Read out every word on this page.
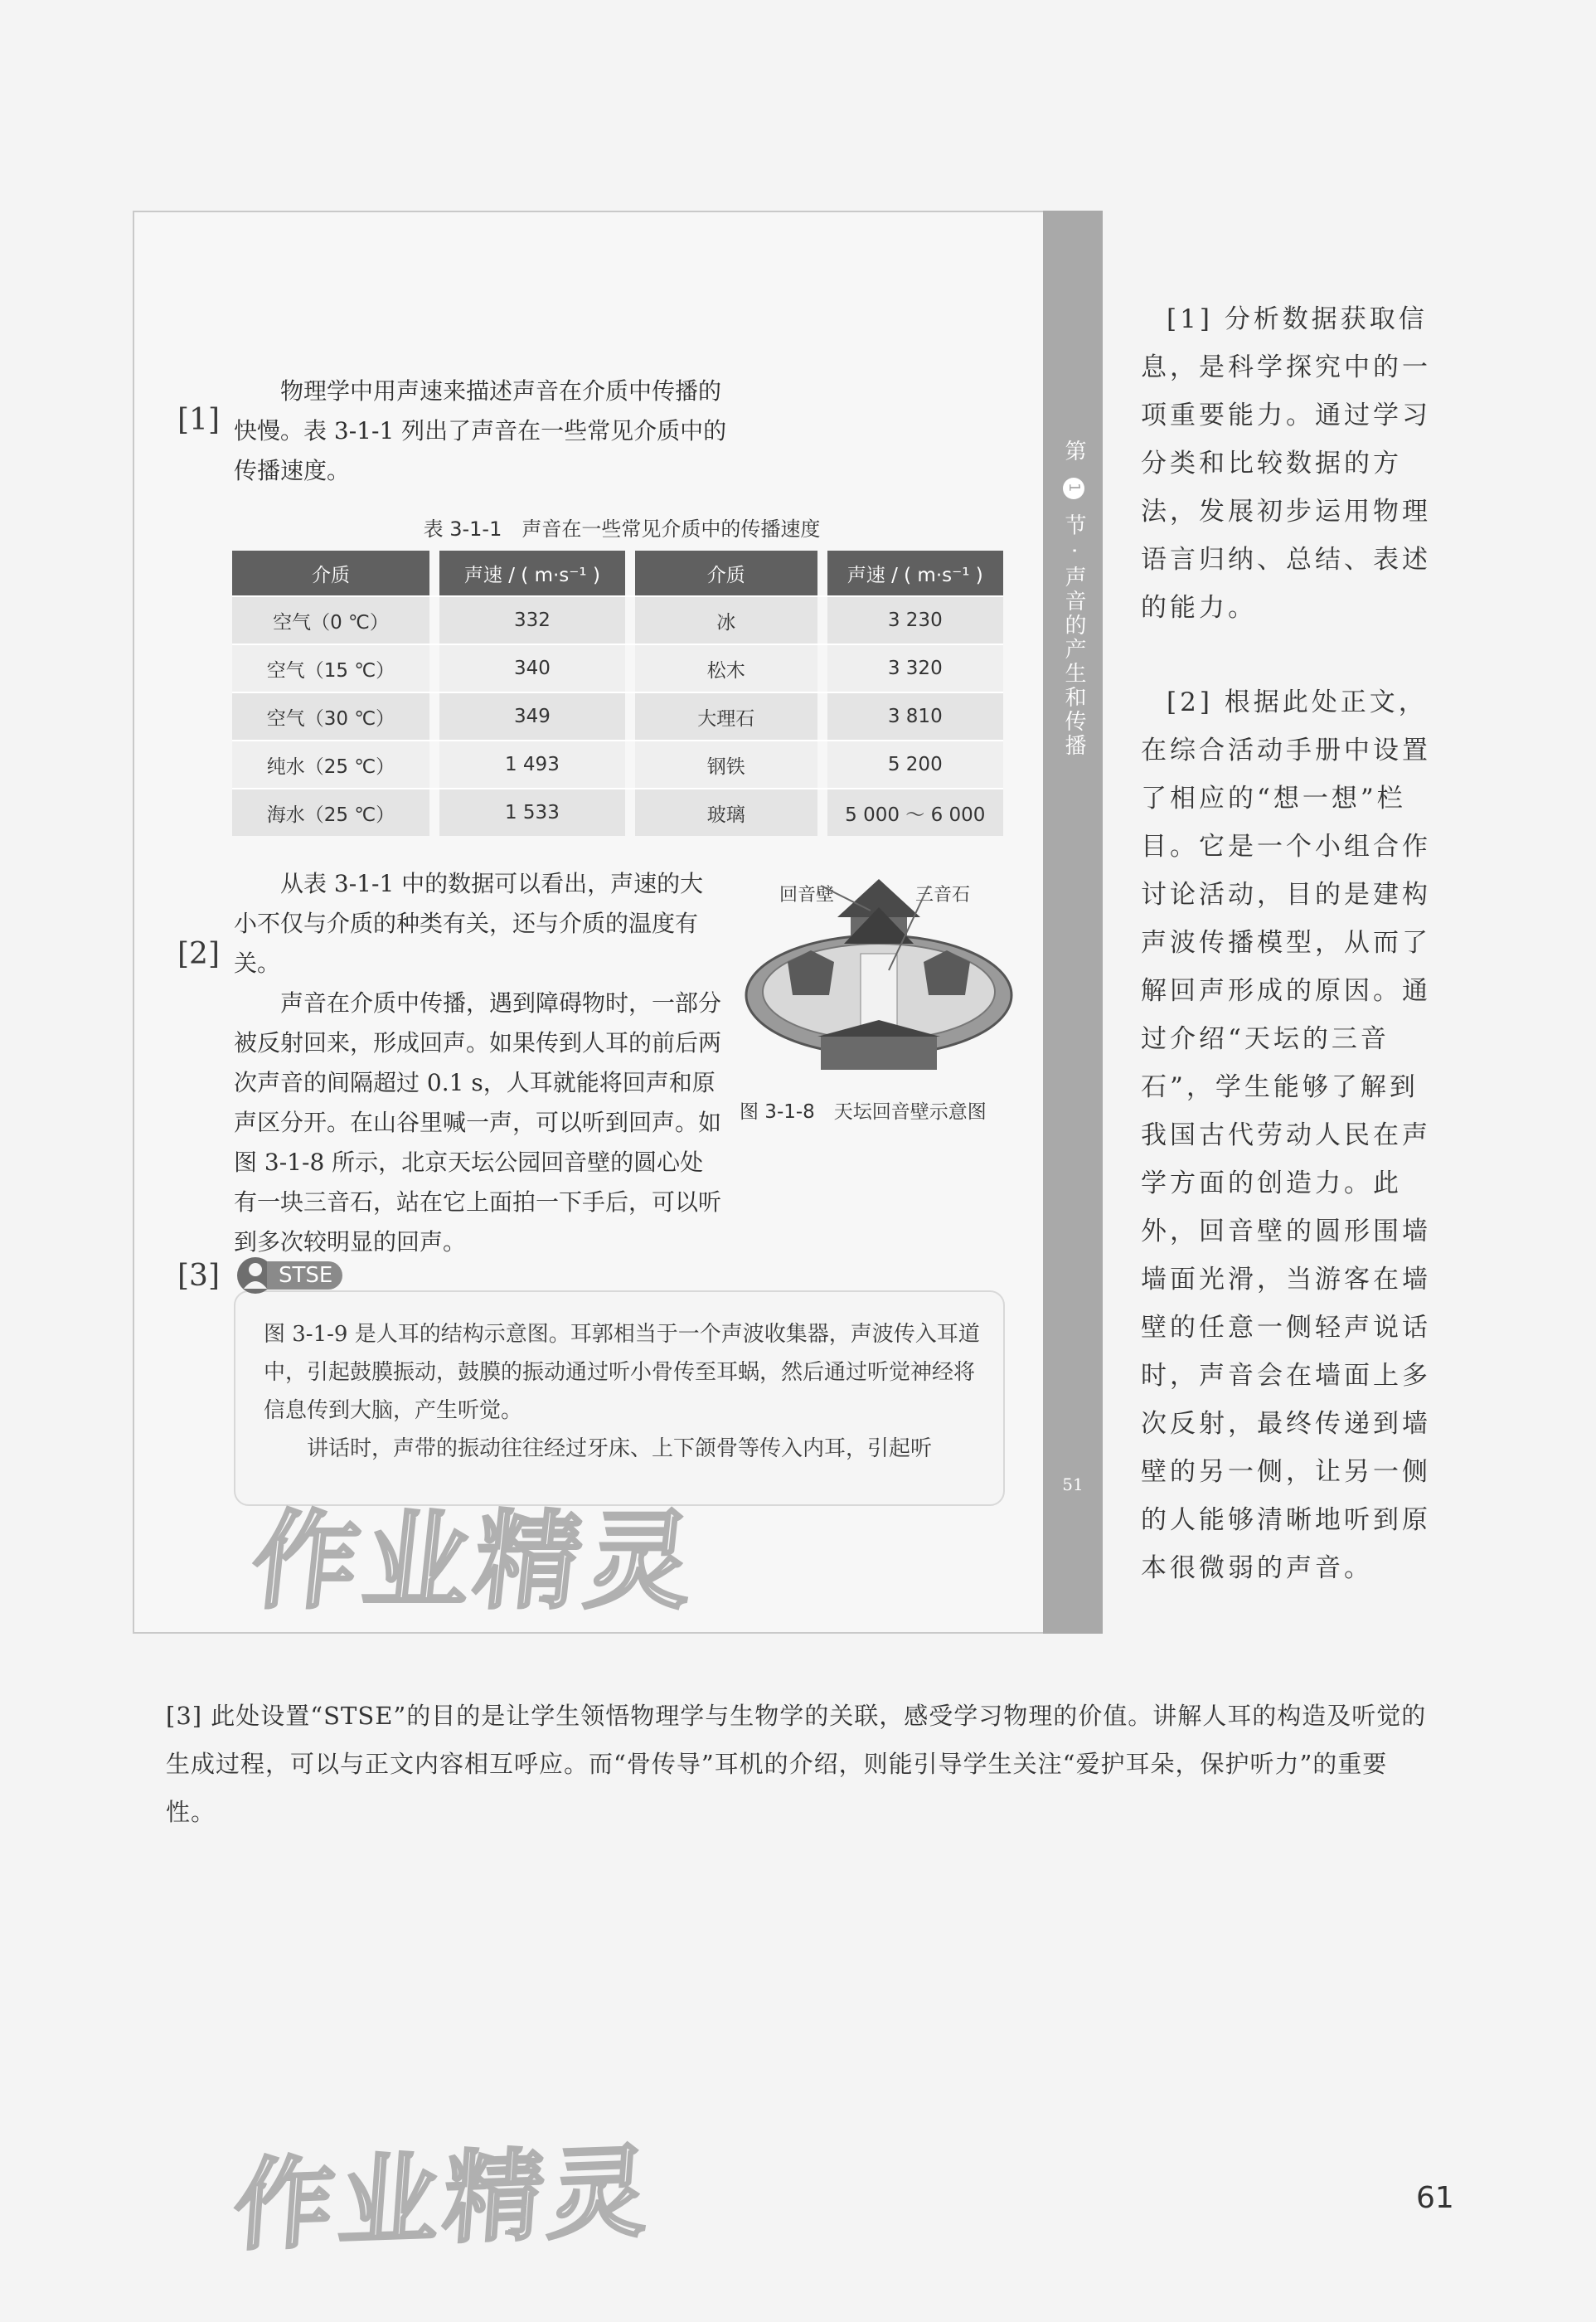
第 1 节 · 声音的产生和传播
51
[1]

物理学中用声速来描述声音在介质中传播的快慢。表 3-1-1 列出了声音在一些常见介质中的传播速度。

表 3-1-1　声音在一些常见介质中的传播速度
介质		声速 / ( m·s⁻¹ )		介质		声速 / ( m·s⁻¹ )
空气（0 ℃）		332		冰		3 230
空气（15 ℃）		340		松木		3 320
空气（30 ℃）		349		大理石		3 810
纯水（25 ℃）		1 493		钢铁		5 200
海水（25 ℃）		1 533		玻璃		5 000 ～ 6 000
[2]

从表 3-1-1 中的数据可以看出，声速的大小不仅与介质的种类有关，还与介质的温度有关。

声音在介质中传播，遇到障碍物时，一部分被反射回来，形成回声。如果传到人耳的前后两次声音的间隔超过 0.1 s，人耳就能将回声和原声区分开。在山谷里喊一声，可以听到回声。如图 3-1-8 所示，北京天坛公园回音壁的圆心处有一块三音石，站在它上面拍一下手后，可以听到多次较明显的回声。

回音壁	三音石
图 3-1-8　天坛回音壁示意图
[3]	STSE

图 3-1-9 是人耳的结构示意图。耳郭相当于一个声波收集器，声波传入耳道中，引起鼓膜振动，鼓膜的振动通过听小骨传至耳蜗，然后通过听觉神经将信息传到大脑，产生听觉。

讲话时，声带的振动往往经过牙床、上下颌骨等传入内耳，引起听

作业精灵

[1] 分析数据获取信息，是科学探究中的一项重要能力。通过学习分类和比较数据的方法，发展初步运用物理语言归纳、总结、表述的能力。

[2] 根据此处正文，在综合活动手册中设置了相应的“想一想”栏目。它是一个小组合作讨论活动，目的是建构声波传播模型，从而了解回声形成的原因。通过介绍“天坛的三音石”，学生能够了解到我国古代劳动人民在声学方面的创造力。此外，回音壁的圆形围墙墙面光滑，当游客在墙壁的任意一侧轻声说话时，声音会在墙面上多次反射，最终传递到墙壁的另一侧，让另一侧的人能够清晰地听到原本很微弱的声音。

[3] 此处设置“STSE”的目的是让学生领悟物理学与生物学的关联，感受学习物理的价值。讲解人耳的构造及听觉的生成过程，可以与正文内容相互呼应。而“骨传导”耳机的介绍，则能引导学生关注“爱护耳朵，保护听力”的重要性。

作业精灵	61
